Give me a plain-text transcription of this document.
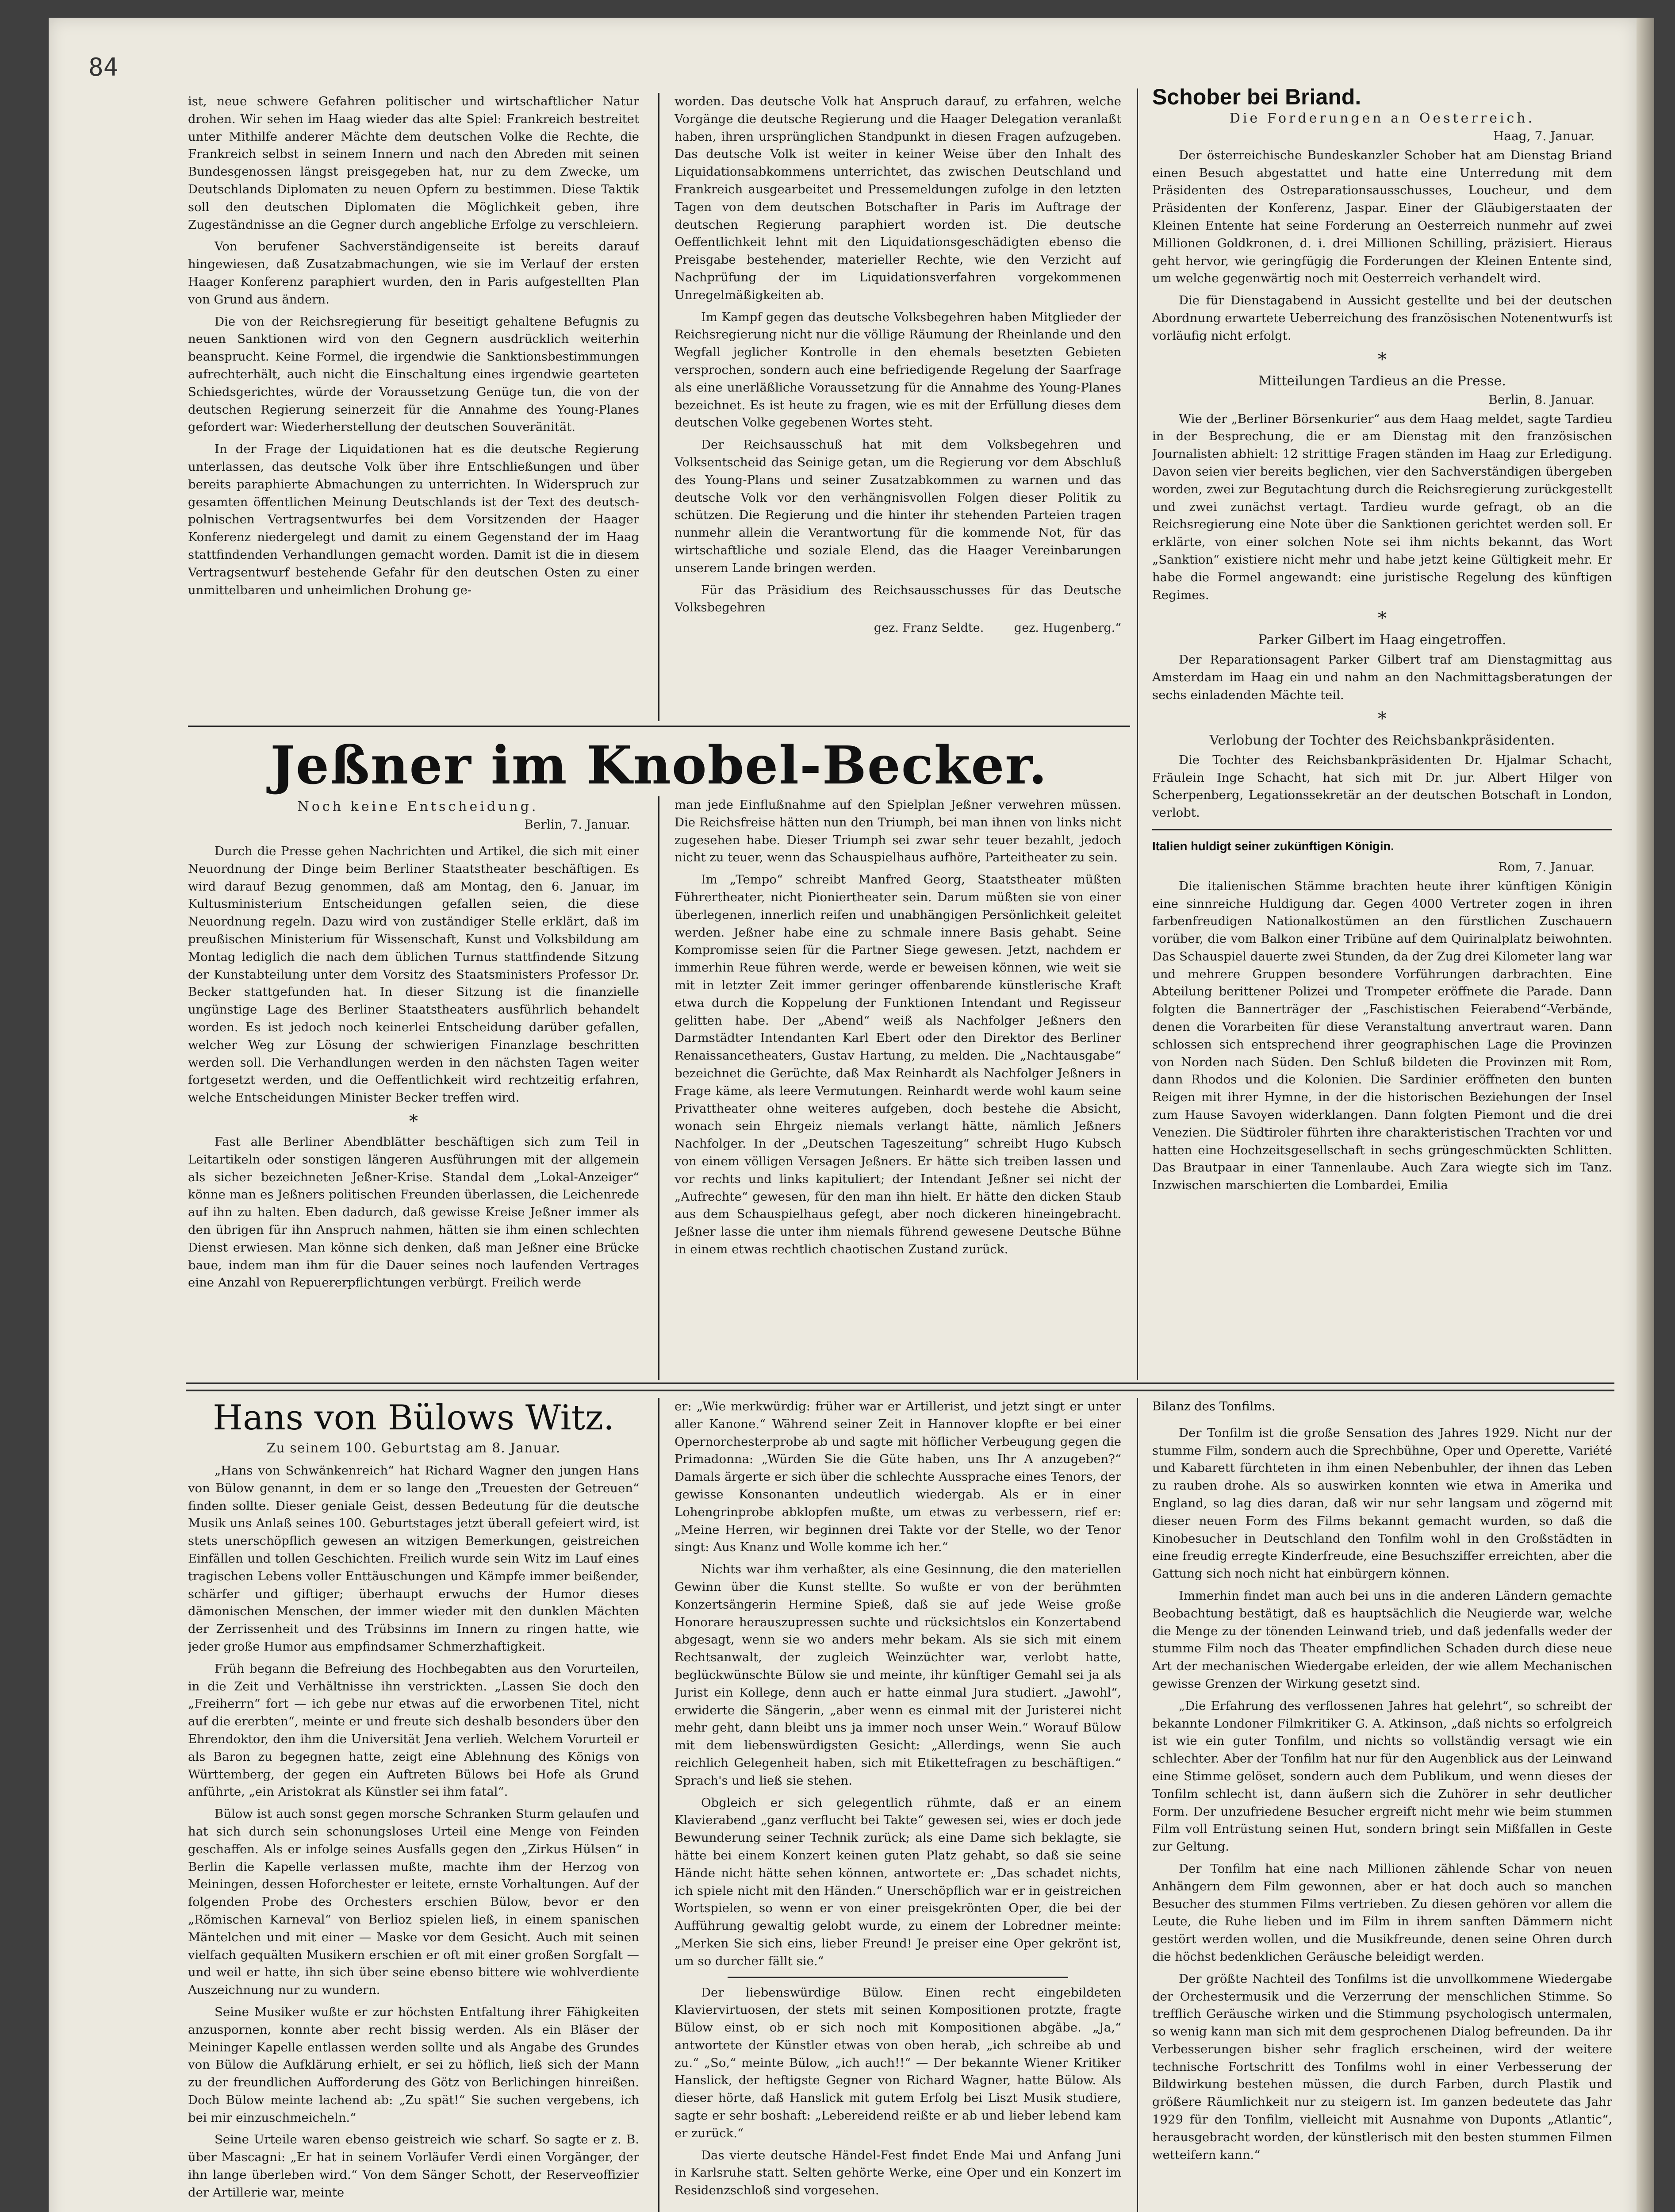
84

ist, neue schwere Gefahren politischer und wirtschaftlicher Natur drohen. Wir sehen im Haag wieder das alte Spiel: Frankreich bestreitet unter Mithilfe anderer Mächte dem deutschen Volke die Rechte, die Frankreich selbst in seinem Innern und nach den Abreden mit seinen Bundesgenossen längst preisgegeben hat, nur zu dem Zwecke, um Deutschlands Diplomaten zu neuen Opfern zu bestimmen. Diese Taktik soll den deutschen Diplomaten die Möglichkeit geben, ihre Zugeständnisse an die Gegner durch angebliche Erfolge zu verschleiern.

Von berufener Sachverständigenseite ist bereits darauf hingewiesen, daß Zusatzabmachungen, wie sie im Verlauf der ersten Haager Konferenz paraphiert wurden, den in Paris aufgestellten Plan von Grund aus ändern.

Die von der Reichsregierung für beseitigt gehaltene Befugnis zu neuen Sanktionen wird von den Gegnern ausdrücklich weiterhin beansprucht. Keine Formel, die irgendwie die Sanktionsbestimmungen aufrechterhält, auch nicht die Einschaltung eines irgendwie gearteten Schiedsgerichtes, würde der Voraussetzung Genüge tun, die von der deutschen Regierung seinerzeit für die Annahme des Young-Planes gefordert war: Wiederherstellung der deutschen Souveränität.

In der Frage der Liquidationen hat es die deutsche Regierung unterlassen, das deutsche Volk über ihre Entschließungen und über bereits paraphierte Abmachungen zu unterrichten. In Widerspruch zur gesamten öffentlichen Meinung Deutschlands ist der Text des deutsch-polnischen Vertragsentwurfes bei dem Vorsitzenden der Haager Konferenz niedergelegt und damit zu einem Gegenstand der im Haag stattfindenden Verhandlungen gemacht worden. Damit ist die in diesem Vertragsentwurf bestehende Gefahr für den deutschen Osten zu einer unmittelbaren und unheimlichen Drohung ge-

worden. Das deutsche Volk hat Anspruch darauf, zu erfahren, welche Vorgänge die deutsche Regierung und die Haager Delegation veranlaßt haben, ihren ursprünglichen Standpunkt in diesen Fragen aufzugeben. Das deutsche Volk ist weiter in keiner Weise über den Inhalt des Liquidationsabkommens unterrichtet, das zwischen Deutschland und Frankreich ausgearbeitet und Pressemeldungen zufolge in den letzten Tagen von dem deutschen Botschafter in Paris im Auftrage der deutschen Regierung paraphiert worden ist. Die deutsche Oeffentlichkeit lehnt mit den Liquidationsgeschädigten ebenso die Preisgabe bestehender, materieller Rechte, wie den Verzicht auf Nachprüfung der im Liquidationsverfahren vorgekommenen Unregelmäßigkeiten ab.

Im Kampf gegen das deutsche Volksbegehren haben Mitglieder der Reichsregierung nicht nur die völlige Räumung der Rheinlande und den Wegfall jeglicher Kontrolle in den ehemals besetzten Gebieten versprochen, sondern auch eine befriedigende Regelung der Saarfrage als eine unerläßliche Voraussetzung für die Annahme des Young-Planes bezeichnet. Es ist heute zu fragen, wie es mit der Erfüllung dieses dem deutschen Volke gegebenen Wortes steht.

Der Reichsausschuß hat mit dem Volksbegehren und Volksentscheid das Seinige getan, um die Regierung vor dem Abschluß des Young-Plans und seiner Zusatzabkommen zu warnen und das deutsche Volk vor den verhängnisvollen Folgen dieser Politik zu schützen. Die Regierung und die hinter ihr stehenden Parteien tragen nunmehr allein die Verantwortung für die kommende Not, für das wirtschaftliche und soziale Elend, das die Haager Vereinbarungen unserem Lande bringen werden.

Für das Präsidium des Reichsausschusses für das Deutsche Volksbegehren

gez. Franz Seldte.	gez. Hugenberg.“
Jeßner im Knobel-Becker.
Noch keine Entscheidung.
Berlin, 7. Januar.

Durch die Presse gehen Nachrichten und Artikel, die sich mit einer Neuordnung der Dinge beim Berliner Staatstheater beschäftigen. Es wird darauf Bezug genommen, daß am Montag, den 6. Januar, im Kultusministerium Entscheidungen gefallen seien, die diese Neuordnung regeln. Dazu wird von zuständiger Stelle erklärt, daß im preußischen Ministerium für Wissenschaft, Kunst und Volksbildung am Montag lediglich die nach dem üblichen Turnus stattfindende Sitzung der Kunstabteilung unter dem Vorsitz des Staatsministers Professor Dr. Becker stattgefunden hat. In dieser Sitzung ist die finanzielle ungünstige Lage des Berliner Staatstheaters ausführlich behandelt worden. Es ist jedoch noch keinerlei Entscheidung darüber gefallen, welcher Weg zur Lösung der schwierigen Finanzlage beschritten werden soll. Die Verhandlungen werden in den nächsten Tagen weiter fortgesetzt werden, und die Oeffentlichkeit wird rechtzeitig erfahren, welche Entscheidungen Minister Becker treffen wird.

*

Fast alle Berliner Abendblätter beschäftigen sich zum Teil in Leitartikeln oder sonstigen längeren Ausführungen mit der allgemein als sicher bezeichneten Jeßner-Krise. Standal dem „Lokal-Anzeiger“ könne man es Jeßners politischen Freunden überlassen, die Leichenrede auf ihn zu halten. Eben dadurch, daß gewisse Kreise Jeßner immer als den übrigen für ihn Anspruch nahmen, hätten sie ihm einen schlechten Dienst erwiesen. Man könne sich denken, daß man Jeßner eine Brücke baue, indem man ihm für die Dauer seines noch laufenden Vertrages eine Anzahl von Repuererpflichtungen verbürgt. Freilich werde

man jede Einflußnahme auf den Spielplan Jeßner verwehren müssen. Die Reichsfreise hätten nun den Triumph, bei man ihnen von links nicht zugesehen habe. Dieser Triumph sei zwar sehr teuer bezahlt, jedoch nicht zu teuer, wenn das Schauspielhaus aufhöre, Parteitheater zu sein.

Im „Tempo“ schreibt Manfred Georg, Staatstheater müßten Führertheater, nicht Pioniertheater sein. Darum müßten sie von einer überlegenen, innerlich reifen und unabhängigen Persönlichkeit geleitet werden. Jeßner habe eine zu schmale innere Basis gehabt. Seine Kompromisse seien für die Partner Siege gewesen. Jetzt, nachdem er immerhin Reue führen werde, werde er beweisen können, wie weit sie mit in letzter Zeit immer geringer offenbarende künstlerische Kraft etwa durch die Koppelung der Funktionen Intendant und Regisseur gelitten habe. Der „Abend“ weiß als Nachfolger Jeßners den Darmstädter Intendanten Karl Ebert oder den Direktor des Berliner Renaissancetheaters, Gustav Hartung, zu melden. Die „Nachtausgabe“ bezeichnet die Gerüchte, daß Max Reinhardt als Nachfolger Jeßners in Frage käme, als leere Vermutungen. Reinhardt werde wohl kaum seine Privattheater ohne weiteres aufgeben, doch bestehe die Absicht, wonach sein Ehrgeiz niemals verlangt hätte, nämlich Jeßners Nachfolger. In der „Deutschen Tageszeitung“ schreibt Hugo Kubsch von einem völligen Versagen Jeßners. Er hätte sich treiben lassen und vor rechts und links kapituliert; der Intendant Jeßner sei nicht der „Aufrechte“ gewesen, für den man ihn hielt. Er hätte den dicken Staub aus dem Schauspielhaus gefegt, aber noch dickeren hineingebracht. Jeßner lasse die unter ihm niemals führend gewesene Deutsche Bühne in einem etwas rechtlich chaotischen Zustand zurück.

Schober bei Briand.

Die Forderungen an Oesterreich.
Haag, 7. Januar.

Der österreichische Bundeskanzler Schober hat am Dienstag Briand einen Besuch abgestattet und hatte eine Unterredung mit dem Präsidenten des Ostreparationsausschusses, Loucheur, und dem Präsidenten der Konferenz, Jaspar. Einer der Gläubigerstaaten der Kleinen Entente hat seine Forderung an Oesterreich nunmehr auf zwei Millionen Goldkronen, d. i. drei Millionen Schilling, präzisiert. Hieraus geht hervor, wie geringfügig die Forderungen der Kleinen Entente sind, um welche gegenwärtig noch mit Oesterreich verhandelt wird.

Die für Dienstagabend in Aussicht gestellte und bei der deutschen Abordnung erwartete Ueberreichung des französischen Notenentwurfs ist vorläufig nicht erfolgt.

*
Mitteilungen Tardieus an die Presse.
Berlin, 8. Januar.

Wie der „Berliner Börsenkurier“ aus dem Haag meldet, sagte Tardieu in der Besprechung, die er am Dienstag mit den französischen Journalisten abhielt: 12 strittige Fragen ständen im Haag zur Erledigung. Davon seien vier bereits beglichen, vier den Sachverständigen übergeben worden, zwei zur Begutachtung durch die Reichsregierung zurückgestellt und zwei zunächst vertagt. Tardieu wurde gefragt, ob an die Reichsregierung eine Note über die Sanktionen gerichtet werden soll. Er erklärte, von einer solchen Note sei ihm nichts bekannt, das Wort „Sanktion“ existiere nicht mehr und habe jetzt keine Gültigkeit mehr. Er habe die Formel angewandt: eine juristische Regelung des künftigen Regimes.

*
Parker Gilbert im Haag eingetroffen.

Der Reparationsagent Parker Gilbert traf am Dienstagmittag aus Amsterdam im Haag ein und nahm an den Nachmittagsberatungen der sechs einladenden Mächte teil.

*
Verlobung der Tochter des Reichsbankpräsidenten.

Die Tochter des Reichsbankpräsidenten Dr. Hjalmar Schacht, Fräulein Inge Schacht, hat sich mit Dr. jur. Albert Hilger von Scherpenberg, Legationssekretär an der deutschen Botschaft in London, verlobt.

Italien huldigt seiner zukünftigen Königin.

Rom, 7. Januar.

Die italienischen Stämme brachten heute ihrer künftigen Königin eine sinnreiche Huldigung dar. Gegen 4000 Vertreter zogen in ihren farbenfreudigen Nationalkostümen an den fürstlichen Zuschauern vorüber, die vom Balkon einer Tribüne auf dem Quirinalplatz beiwohnten. Das Schauspiel dauerte zwei Stunden, da der Zug drei Kilometer lang war und mehrere Gruppen besondere Vorführungen darbrachten. Eine Abteilung berittener Polizei und Trompeter eröffnete die Parade. Dann folgten die Bannerträger der „Faschistischen Feierabend“-Verbände, denen die Vorarbeiten für diese Veranstaltung anvertraut waren. Dann schlossen sich entsprechend ihrer geographischen Lage die Provinzen von Norden nach Süden. Den Schluß bildeten die Provinzen mit Rom, dann Rhodos und die Kolonien. Die Sardinier eröffneten den bunten Reigen mit ihrer Hymne, in der die historischen Beziehungen der Insel zum Hause Savoyen widerklangen. Dann folgten Piemont und die drei Venezien. Die Südtiroler führten ihre charakteristischen Trachten vor und hatten eine Hochzeitsgesellschaft in sechs grüngeschmückten Schlitten. Das Brautpaar in einer Tannenlaube. Auch Zara wiegte sich im Tanz. Inzwischen marschierten die Lombardei, Emilia

Hans von Bülows Witz.

Zu seinem 100. Geburtstag am 8. Januar.

„Hans von Schwänkenreich“ hat Richard Wagner den jungen Hans von Bülow genannt, in dem er so lange den „Treuesten der Getreuen“ finden sollte. Dieser geniale Geist, dessen Bedeutung für die deutsche Musik uns Anlaß seines 100. Geburtstages jetzt überall gefeiert wird, ist stets unerschöpflich gewesen an witzigen Bemerkungen, geistreichen Einfällen und tollen Geschichten. Freilich wurde sein Witz im Lauf eines tragischen Lebens voller Enttäuschungen und Kämpfe immer beißender, schärfer und giftiger; überhaupt erwuchs der Humor dieses dämonischen Menschen, der immer wieder mit den dunklen Mächten der Zerrissenheit und des Trübsinns im Innern zu ringen hatte, wie jeder große Humor aus empfindsamer Schmerzhaftigkeit.

Früh begann die Befreiung des Hochbegabten aus den Vorurteilen, in die Zeit und Verhältnisse ihn verstrickten. „Lassen Sie doch den „Freiherrn“ fort — ich gebe nur etwas auf die erworbenen Titel, nicht auf die ererbten“, meinte er und freute sich deshalb besonders über den Ehrendoktor, den ihm die Universität Jena verlieh. Welchem Vorurteil er als Baron zu begegnen hatte, zeigt eine Ablehnung des Königs von Württemberg, der gegen ein Auftreten Bülows bei Hofe als Grund anführte, „ein Aristokrat als Künstler sei ihm fatal“.

Bülow ist auch sonst gegen morsche Schranken Sturm gelaufen und hat sich durch sein schonungsloses Urteil eine Menge von Feinden geschaffen. Als er infolge seines Ausfalls gegen den „Zirkus Hülsen“ in Berlin die Kapelle verlassen mußte, machte ihm der Herzog von Meiningen, dessen Hoforchester er leitete, ernste Vorhaltungen. Auf der folgenden Probe des Orchesters erschien Bülow, bevor er den „Römischen Karneval“ von Berlioz spielen ließ, in einem spanischen Mäntelchen und mit einer — Maske vor dem Gesicht. Auch mit seinen vielfach gequälten Musikern erschien er oft mit einer großen Sorgfalt — und weil er hatte, ihn sich über seine ebenso bittere wie wohlverdiente Auszeichnung nur zu wundern.

Seine Musiker wußte er zur höchsten Entfaltung ihrer Fähigkeiten anzuspornen, konnte aber recht bissig werden. Als ein Bläser der Meininger Kapelle entlassen werden sollte und als Angabe des Grundes von Bülow die Aufklärung erhielt, er sei zu höflich, ließ sich der Mann zu der freundlichen Aufforderung des Götz von Berlichingen hinreißen. Doch Bülow meinte lachend ab: „Zu spät!“ Sie suchen vergebens, ich bei mir einzuschmeicheln.“

Seine Urteile waren ebenso geistreich wie scharf. So sagte er z. B. über Mascagni: „Er hat in seinem Vorläufer Verdi einen Vorgänger, der ihn lange überleben wird.“ Von dem Sänger Schott, der Reserveoffizier der Artillerie war, meinte

er: „Wie merkwürdig: früher war er Artillerist, und jetzt singt er unter aller Kanone.“ Während seiner Zeit in Hannover klopfte er bei einer Opernorchesterprobe ab und sagte mit höflicher Verbeugung gegen die Primadonna: „Würden Sie die Güte haben, uns Ihr A anzugeben?“ Damals ärgerte er sich über die schlechte Aussprache eines Tenors, der gewisse Konsonanten undeutlich wiedergab. Als er in einer Lohengrinprobe abklopfen mußte, um etwas zu verbessern, rief er: „Meine Herren, wir beginnen drei Takte vor der Stelle, wo der Tenor singt: Aus Knanz und Wolle komme ich her.“

Nichts war ihm verhaßter, als eine Gesinnung, die den materiellen Gewinn über die Kunst stellte. So wußte er von der berühmten Konzertsängerin Hermine Spieß, daß sie auf jede Weise große Honorare herauszupressen suchte und rücksichtslos ein Konzertabend abgesagt, wenn sie wo anders mehr bekam. Als sie sich mit einem Rechtsanwalt, der zugleich Weinzüchter war, verlobt hatte, beglückwünschte Bülow sie und meinte, ihr künftiger Gemahl sei ja als Jurist ein Kollege, denn auch er hatte einmal Jura studiert. „Jawohl“, erwiderte die Sängerin, „aber wenn es einmal mit der Juristerei nicht mehr geht, dann bleibt uns ja immer noch unser Wein.“ Worauf Bülow mit dem liebenswürdigsten Gesicht: „Allerdings, wenn Sie auch reichlich Gelegenheit haben, sich mit Etikettefragen zu beschäftigen.“ Sprach's und ließ sie stehen.

Obgleich er sich gelegentlich rühmte, daß er an einem Klavierabend „ganz verflucht bei Takte“ gewesen sei, wies er doch jede Bewunderung seiner Technik zurück; als eine Dame sich beklagte, sie hätte bei einem Konzert keinen guten Platz gehabt, so daß sie seine Hände nicht hätte sehen können, antwortete er: „Das schadet nichts, ich spiele nicht mit den Händen.“ Unerschöpflich war er in geistreichen Wortspielen, so wenn er von einer preisgekrönten Oper, die bei der Aufführung gewaltig gelobt wurde, zu einem der Lobredner meinte: „Merken Sie sich eins, lieber Freund! Je preiser eine Oper gekrönt ist, um so durcher fällt sie.“

Der liebenswürdige Bülow. Einen recht eingebildeten Klaviervirtuosen, der stets mit seinen Kompositionen protzte, fragte Bülow einst, ob er sich noch mit Kompositionen abgäbe. „Ja,“ antwortete der Künstler etwas von oben herab, „ich schreibe ab und zu.“ „So,“ meinte Bülow, „ich auch!!“ — Der bekannte Wiener Kritiker Hanslick, der heftigste Gegner von Richard Wagner, hatte Bülow. Als dieser hörte, daß Hanslick mit gutem Erfolg bei Liszt Musik studiere, sagte er sehr boshaft: „Lebereidend reißte er ab und lieber lebend kam er zurück.“

Das vierte deutsche Händel-Fest findet Ende Mai und Anfang Juni in Karlsruhe statt. Selten gehörte Werke, eine Oper und ein Konzert im Residenzschloß sind vorgesehen.

Bilanz des Tonfilms.

Der Tonfilm ist die große Sensation des Jahres 1929. Nicht nur der stumme Film, sondern auch die Sprechbühne, Oper und Operette, Variété und Kabarett fürchteten in ihm einen Nebenbuhler, der ihnen das Leben zu rauben drohe. Als so auswirken konnten wie etwa in Amerika und England, so lag dies daran, daß wir nur sehr langsam und zögernd mit dieser neuen Form des Films bekannt gemacht wurden, so daß die Kinobesucher in Deutschland den Tonfilm wohl in den Großstädten in eine freudig erregte Kinderfreude, eine Besuchsziffer erreichten, aber die Gattung sich noch nicht hat einbürgern können.

Immerhin findet man auch bei uns in die anderen Ländern gemachte Beobachtung bestätigt, daß es hauptsächlich die Neugierde war, welche die Menge zu der tönenden Leinwand trieb, und daß jedenfalls weder der stumme Film noch das Theater empfindlichen Schaden durch diese neue Art der mechanischen Wiedergabe erleiden, der wie allem Mechanischen gewisse Grenzen der Wirkung gesetzt sind.

„Die Erfahrung des verflossenen Jahres hat gelehrt“, so schreibt der bekannte Londoner Filmkritiker G. A. Atkinson, „daß nichts so erfolgreich ist wie ein guter Tonfilm, und nichts so vollständig versagt wie ein schlechter. Aber der Tonfilm hat nur für den Augenblick aus der Leinwand eine Stimme gelöset, sondern auch dem Publikum, und wenn dieses der Tonfilm schlecht ist, dann äußern sich die Zuhörer in sehr deutlicher Form. Der unzufriedene Besucher ergreift nicht mehr wie beim stummen Film voll Entrüstung seinen Hut, sondern bringt sein Mißfallen in Geste zur Geltung.

Der Tonfilm hat eine nach Millionen zählende Schar von neuen Anhängern dem Film gewonnen, aber er hat doch auch so manchen Besucher des stummen Films vertrieben. Zu diesen gehören vor allem die Leute, die Ruhe lieben und im Film in ihrem sanften Dämmern nicht gestört werden wollen, und die Musikfreunde, denen seine Ohren durch die höchst bedenklichen Geräusche beleidigt werden.

Der größte Nachteil des Tonfilms ist die unvollkommene Wiedergabe der Orchestermusik und die Verzerrung der menschlichen Stimme. So trefflich Geräusche wirken und die Stimmung psychologisch untermalen, so wenig kann man sich mit dem gesprochenen Dialog befreunden. Da ihr Verbesserungen bisher sehr fraglich erscheinen, wird der weitere technische Fortschritt des Tonfilms wohl in einer Verbesserung der Bildwirkung bestehen müssen, die durch Farben, durch Plastik und größere Räumlichkeit nur zu steigern ist. Im ganzen bedeutete das Jahr 1929 für den Tonfilm, vielleicht mit Ausnahme von Duponts „Atlantic“, herausgebracht worden, der künstlerisch mit den besten stummen Filmen wetteifern kann.“
